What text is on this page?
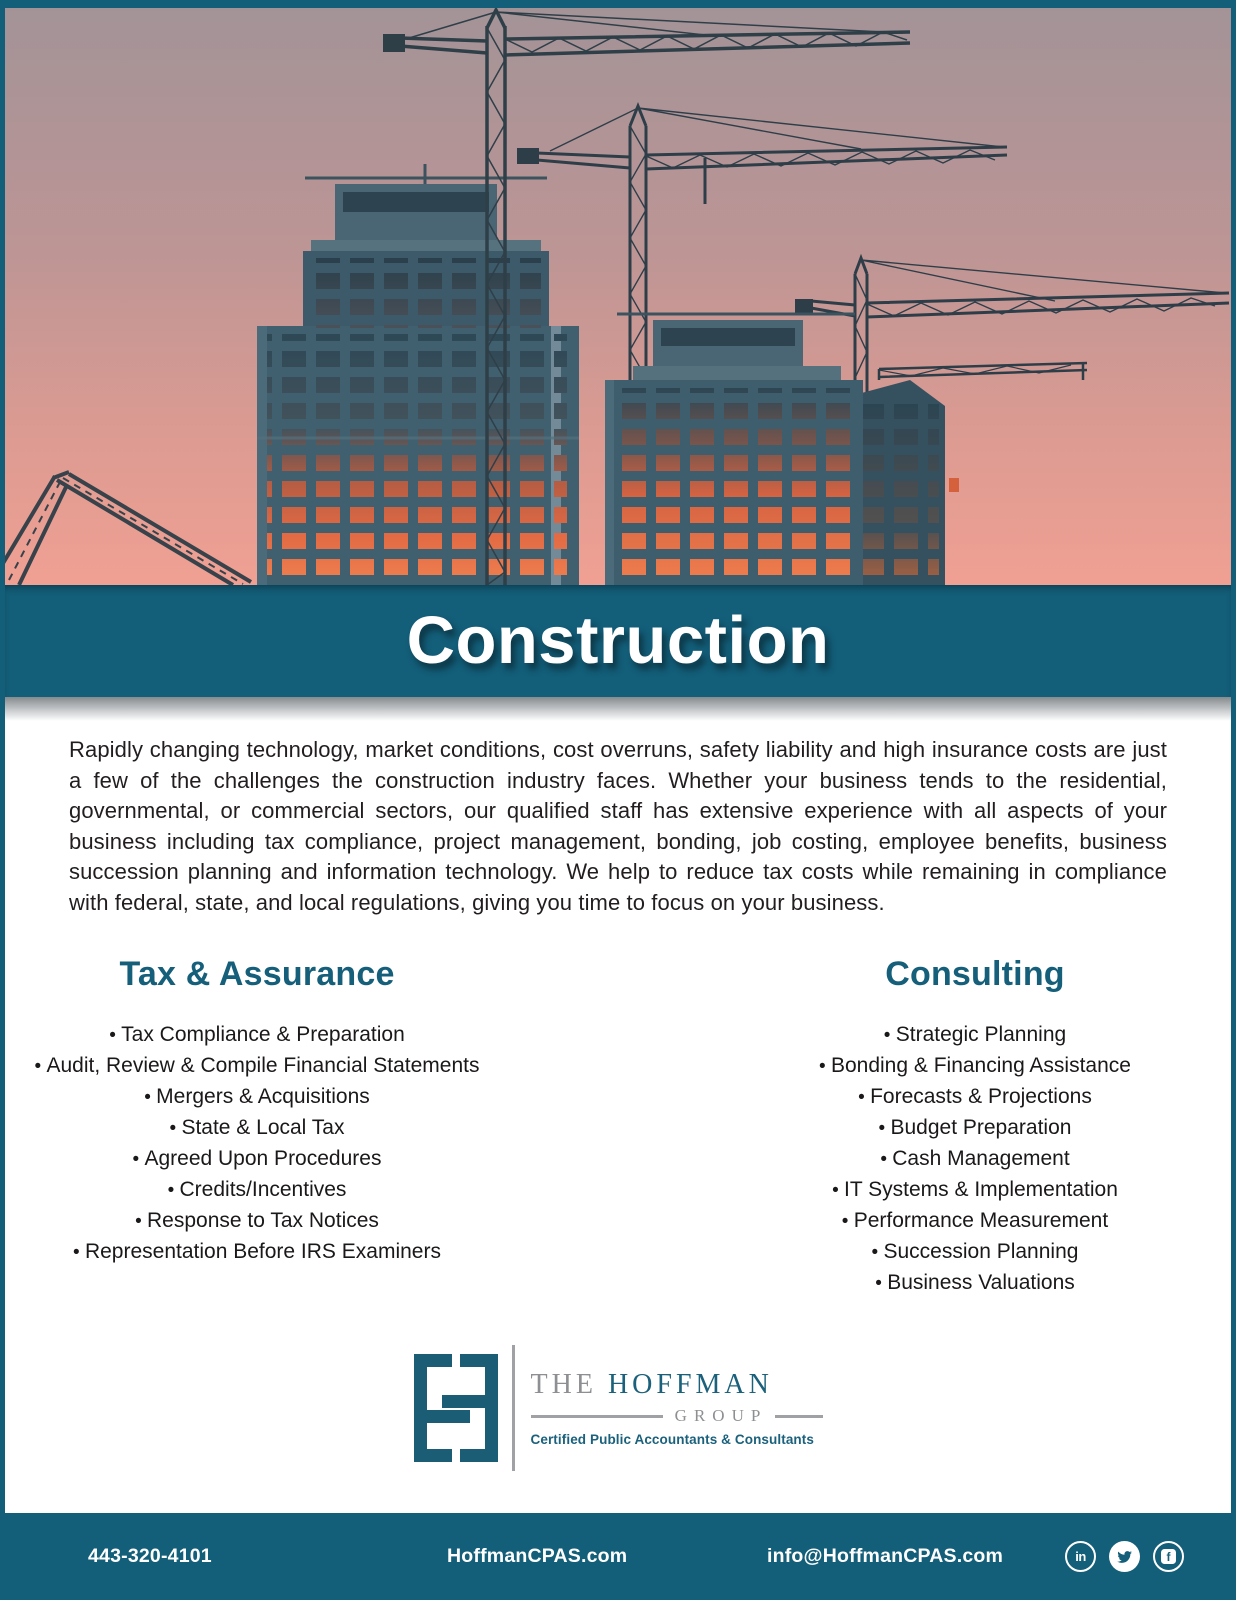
Construction

Rapidly changing technology, market conditions, cost overruns, safety liability and high insurance costs are just a few of the challenges the construction industry faces. Whether your business tends to the residential, governmental, or commercial sectors, our qualified staff has extensive experience with all aspects of your business including tax compliance, project management, bonding, job costing, employee benefits, business succession planning and information technology. We help to reduce tax costs while remaining in compliance with federal, state, and local regulations, giving you time to focus on your business.

Tax & Assurance
• Tax Compliance & Preparation
• Audit, Review & Compile Financial Statements
• Mergers & Acquisitions
• State & Local Tax
• Agreed Upon Procedures
• Credits/Incentives
• Response to Tax Notices
• Representation Before IRS Examiners
Consulting
• Strategic Planning
• Bonding & Financing Assistance
• Forecasts & Projections
• Budget Preparation
• Cash Management
• IT Systems & Implementation
• Performance Measurement
• Succession Planning
• Business Valuations
THE HOFFMAN
GROUP
Certified Public Accountants & Consultants
443-320-4101	HoffmanCPAS.com	info@HoffmanCPAS.com	in	f
